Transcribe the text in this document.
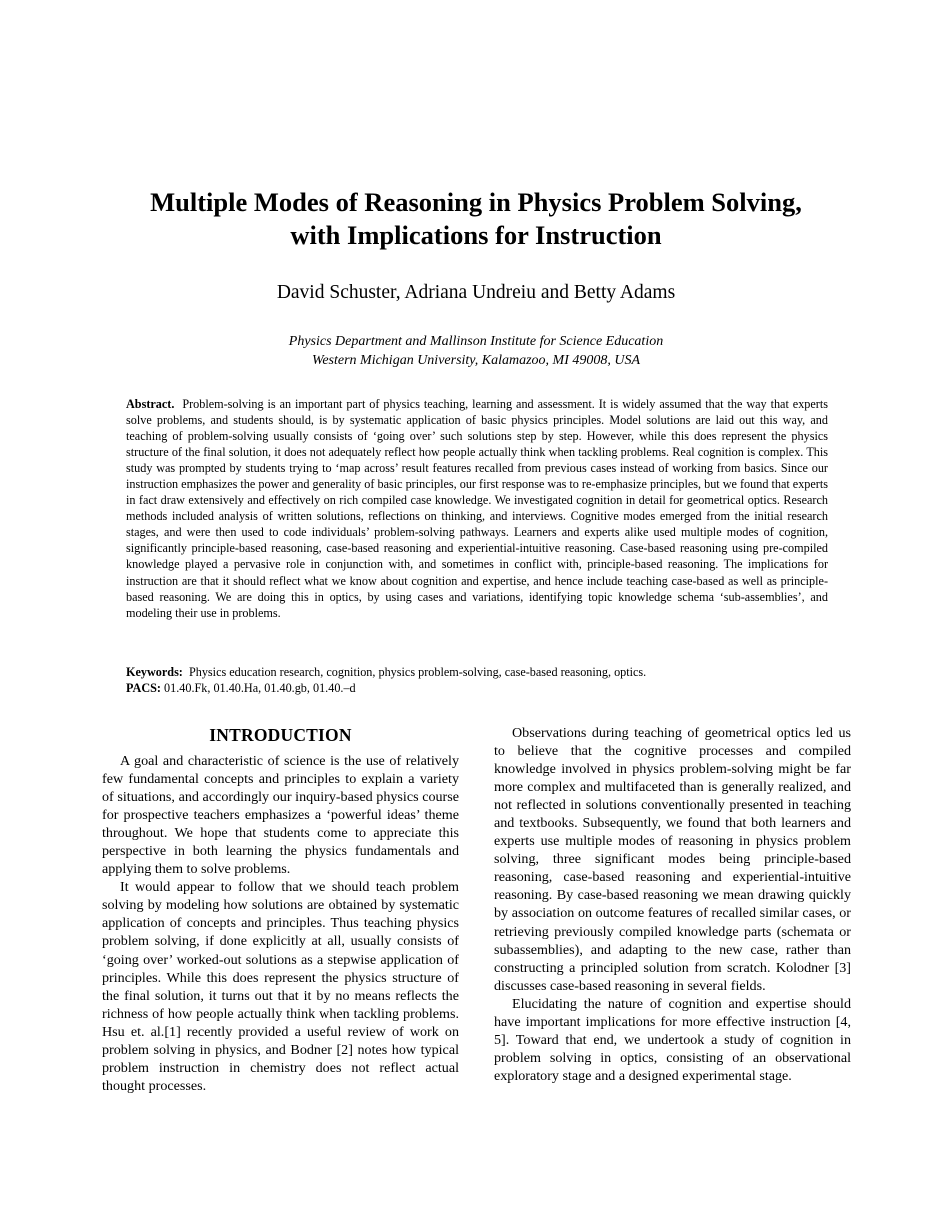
Multiple Modes of Reasoning in Physics Problem Solving,
with Implications for Instruction
David Schuster, Adriana Undreiu and Betty Adams
Physics Department and Mallinson Institute for Science Education
Western Michigan University, Kalamazoo, MI 49008, USA
Abstract. Problem-solving is an important part of physics teaching, learning and assessment. It is widely assumed that the way that experts solve problems, and students should, is by systematic application of basic physics principles. Model solutions are laid out this way, and teaching of problem-solving usually consists of ‘going over’ such solutions step by step. However, while this does represent the physics structure of the final solution, it does not adequately reflect how people actually think when tackling problems. Real cognition is complex. This study was prompted by students trying to ‘map across’ result features recalled from previous cases instead of working from basics. Since our instruction emphasizes the power and generality of basic principles, our first response was to re-emphasize principles, but we found that experts in fact draw extensively and effectively on rich compiled case knowledge. We investigated cognition in detail for geometrical optics. Research methods included analysis of written solutions, reflections on thinking, and interviews. Cognitive modes emerged from the initial research stages, and were then used to code individuals’ problem-solving pathways. Learners and experts alike used multiple modes of cognition, significantly principle-based reasoning, case-based reasoning and experiential-intuitive reasoning. Case-based reasoning using pre-compiled knowledge played a pervasive role in conjunction with, and sometimes in conflict with, principle-based reasoning. The implications for instruction are that it should reflect what we know about cognition and expertise, and hence include teaching case-based as well as principle-based reasoning. We are doing this in optics, by using cases and variations, identifying topic knowledge schema ‘sub-assemblies’, and modeling their use in problems.
Keywords: Physics education research, cognition, physics problem-solving, case-based reasoning, optics.
PACS: 01.40.Fk, 01.40.Ha, 01.40.gb, 01.40.–d
INTRODUCTION

A goal and characteristic of science is the use of relatively few fundamental concepts and principles to explain a variety of situations, and accordingly our inquiry-based physics course for prospective teachers emphasizes a ‘powerful ideas’ theme throughout. We hope that students come to appreciate this perspective in both learning the physics fundamentals and applying them to solve problems.

It would appear to follow that we should teach problem solving by modeling how solutions are obtained by systematic application of concepts and principles. Thus teaching physics problem solving, if done explicitly at all, usually consists of ‘going over’ worked-out solutions as a stepwise application of principles. While this does represent the physics structure of the final solution, it turns out that it by no means reflects the richness of how people actually think when tackling problems. Hsu et. al.[1] recently provided a useful review of work on problem solving in physics, and Bodner [2] notes how typical problem instruction in chemistry does not reflect actual thought processes.

Observations during teaching of geometrical optics led us to believe that the cognitive processes and compiled knowledge involved in physics problem-solving might be far more complex and multifaceted than is generally realized, and not reflected in solutions conventionally presented in teaching and textbooks. Subsequently, we found that both learners and experts use multiple modes of reasoning in physics problem solving, three significant modes being principle-based reasoning, case-based reasoning and experiential-intuitive reasoning. By case-based reasoning we mean drawing quickly by association on outcome features of recalled similar cases, or retrieving previously compiled knowledge parts (schemata or subassemblies), and adapting to the new case, rather than constructing a principled solution from scratch. Kolodner [3] discusses case-based reasoning in several fields.

Elucidating the nature of cognition and expertise should have important implications for more effective instruction [4, 5]. Toward that end, we undertook a study of cognition in problem solving in optics, consisting of an observational exploratory stage and a designed experimental stage.
